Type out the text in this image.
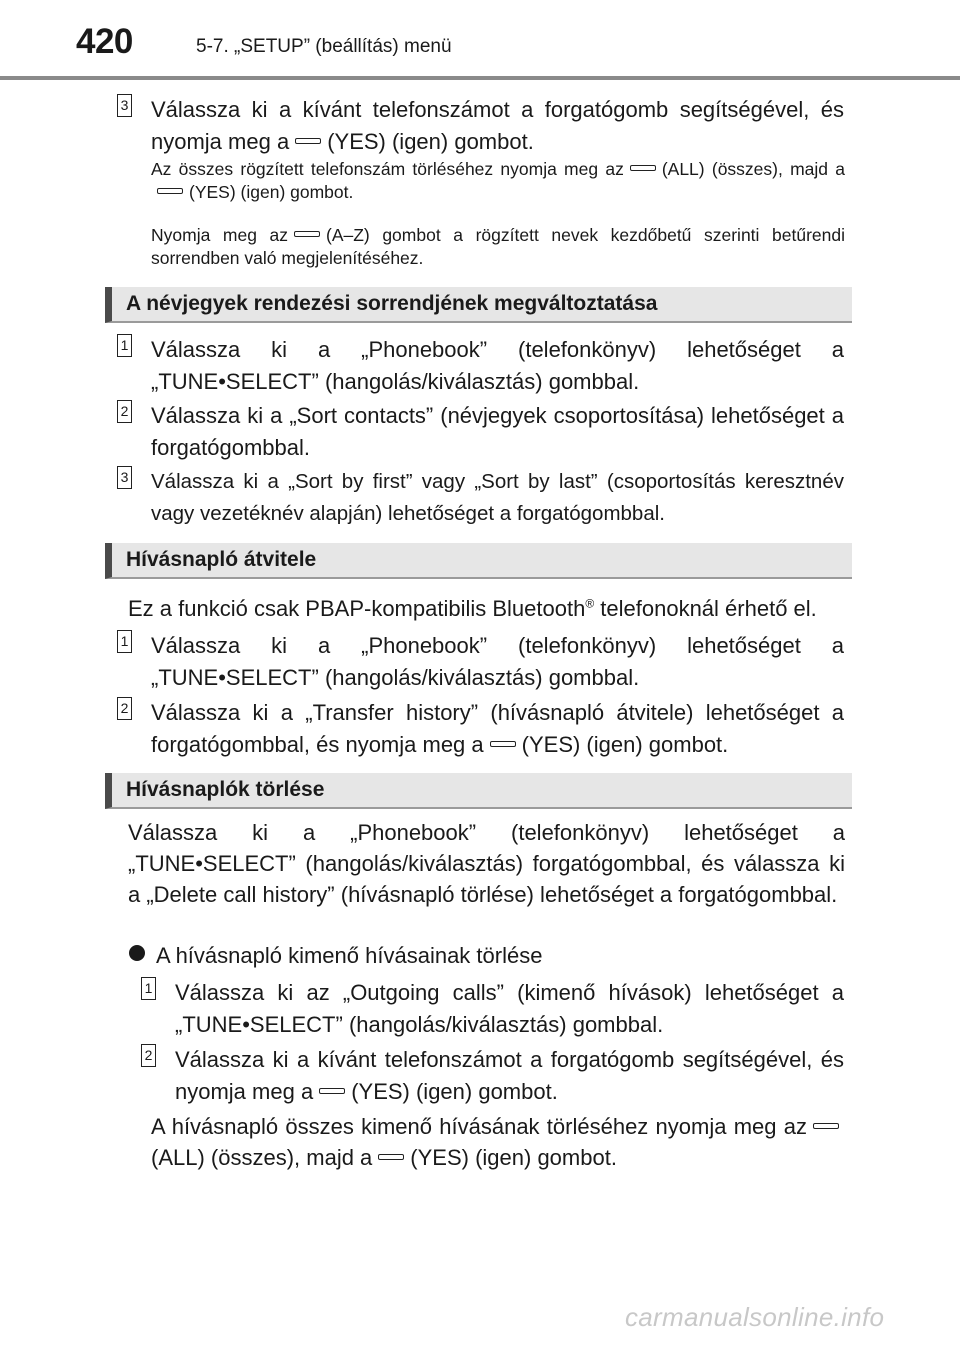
420	5-7. „SETUP” (beállítás) menü
3 Válassza ki a kívánt telefonszámot a forgatógomb segítségével, és nyomja meg a (YES) (igen) gombot.
Az összes rögzített telefonszám törléséhez nyomja meg az (ALL) (összes), majd a(YES) (igen) gombot.
Nyomja meg az (A–Z) gombot a rögzített nevek kezdőbetű szerinti betűrendi sorrendben való megjelenítéséhez.
A névjegyek rendezési sorrendjének megváltoztatása
1 Válassza ki a „Phonebook” (telefonkönyv) lehetőséget a „TUNE•SELECT” (hangolás/kiválasztás) gombbal.
2 Válassza ki a „Sort contacts” (névjegyek csoportosítása) lehetőséget a forgatógombbal.
3 Válassza ki a „Sort by first” vagy „Sort by last” (csoportosítás keresztnév vagy vezetéknév alapján) lehetőséget a forgatógombbal.
Hívásnapló átvitele
Ez a funkció csak PBAP-kompatibilis Bluetooth® telefonoknál érhető el.
1 Válassza ki a „Phonebook” (telefonkönyv) lehetőséget a „TUNE•SELECT” (hangolás/kiválasztás) gombbal.
2 Válassza ki a „Transfer history” (hívásnapló átvitele) lehetőséget a forgatógombbal, és nyomja meg a (YES) (igen) gombot.
Hívásnaplók törlése
Válassza ki a „Phonebook” (telefonkönyv) lehetőséget a „TUNE•SELECT” (hangolás/kiválasztás) forgatógombbal, és válassza ki a „Delete call history” (hívásnapló törlése) lehetőséget a forgatógombbal.
A hívásnapló kimenő hívásainak törlése
1 Válassza ki az „Outgoing calls” (kimenő hívások) lehetőséget a „TUNE•SELECT” (hangolás/kiválasztás) gombbal.
2 Válassza ki a kívánt telefonszámot a forgatógomb segítségével, és nyomja meg a (YES) (igen) gombot.
A hívásnapló összes kimenő hívásának törléséhez nyomja meg az(ALL) (összes), majd a (YES) (igen) gombot.
carmanualsonline.info
